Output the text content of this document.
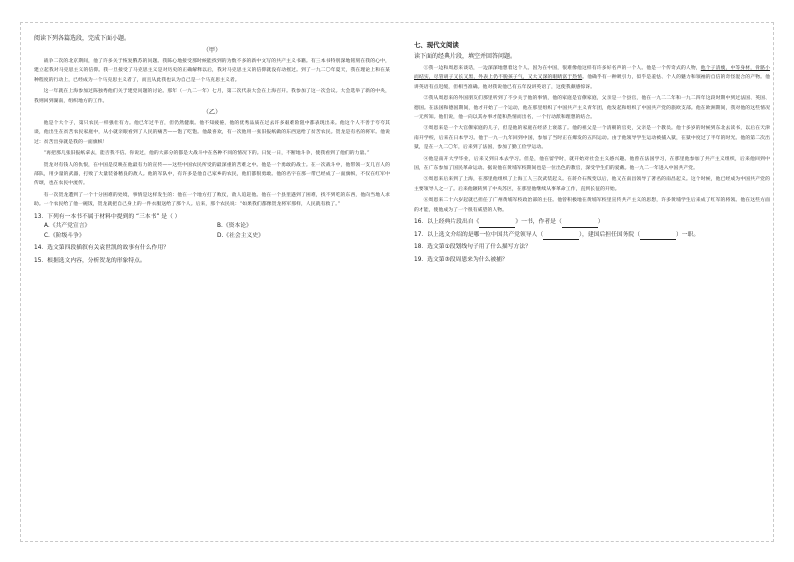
阅读下列各篇选段，完成下面小题。
（甲）

战争二次的北京期间，他了许多关于恢复俄苏的问题。我陈心地接受那时候能找到的为数不多的新中文写的共产主义书籍。有三本书特别深地铭刻在我的心中，建立起我对马克思主义的信仰。我一旦接受了马克思主义是对历史的正确解释以后，我对马克思主义的信仰就没有动摇过。到了一九二〇年夏天，我在理论上和在某种程度的行动上，已经成为一个马克思主义者了，而且从此我也认为自己是一个马克思主义者。

这一年就在上海参加过陈独秀他们关于建党问题的讨论。那年（一九二一年）七月，第二次代表大会在上海召开。我参加了这一次会议。大会选举了新的中央，我则回到湖南，组织地方的工作。

（乙）

他是个大个子，第只农民一样强壮有力。他已年过半百，但仍然健康。他不知疲倦，他的优秀品质在过去许多艰难险阻中都表现出来。他这个人不善于夸夸其谈，他出生在贫苦农民家庭中，从小就亲眼看到了人民的痛苦——饱了吃饱。他最喜欢，有一次他用一张旧报纸做的东西送给了贫苦农民。贺龙是有名的将军。他说过：贫苦出身就是我的一面旗帜！

“再把那几张旧报纸拿去，能否我不信。你说过，他的大部分的都是大战斗中在各种不同的情况下的。日复一日，不断地斗争，使我看到了他们的力量。”

贺龙对有钱人的仇恨，在中国是反映在他最有力的宣传——这些中国农民所受的最深重的苦难之中。他是一个勇敢的战士。在一次战斗中，他带领一支几百人的部队，用少量的武器，打败了大量装备精良的敌人。他的军队中，有许多是他自己家乡的农民，他们都很勇敢。他的名字在那一带已经成了一面旗帜，不仅在红军中传颂，也在农民中流传。

有一次贺龙遭到了一个十分困难的处境，事情是这样发生的：他在一个地方打了败仗，敌人追赶他。他在一个县里遇到了困难，找不到吃的东西，他向当地人求助。一个农民给了他一碗饭，贺龙就把自己身上的一件衣服送给了那个人。后来，那个农民说：“如果我们都像贺龙将军那样，人民就有救了。”

13．下列有一本书不属于材料中提到的 “三本书” 是（ ）
A.《共产党宣言》	B.《资本论》
C.《阶级斗争》	D.《社会主义史》
14．选文第四段插叙有关袁世凯的故事有什么作用？
15．根据选文内容，分析贺龙的形象特点。
七、现代文阅读
读下面的经典片段，填空并回答问题。

①我一边和周恩来谈话，一边深深地想着这个人。因为在中国，很难像他这样有许多好名声的一个人。他是一个传奇式的人物，他个子清瘦，中等身材，骨骼小而结实，尽管胡子又长又黑，外表上仍不脱孩子气，又大又深的眼睛富于热情。他确乎有一种吸引力，似乎是羞怯、个人的魅力和领袖的自信的奇怪混合的产物。他讲英语有点迟缓，但相当准确。他对我说他已有五年没讲英语了，这使我颇感惊讶。

②我从周恩来的外国朋友们那里听到了不少关于他的事情，他的家庭是官僚家庭，父亲是一个县官，他在一九二二年和一九二四年这段时期中到过法国、英国、德国。在法国和德国期间，他才开始了一个运动，他在那里组织了中国共产主义青年团，他发起和组织了中国共产党的旅欧支部。他在欧洲期间，我对他的这些情况一无所知。他们说，他一向以其办事才能和热情而出名，一个行动派和理想的结合。

③周恩来是一个大官僚家庭的儿子，但是他的家庭在经济上衰落了。他的祖父是一个清朝的官吏，父亲是一个教员。他十多岁的时候到东北去读书，以后在天津南开学校，后来在日本学习。他于一九一九年回到中国，参加了当时正在爆发的五四运动。由于他领导学生运动被捕入狱，在狱中度过了半年的时光。他的第二次出狱，是在一九二〇年，后来到了法国，参加了勤工俭学运动。

④他是南开大学毕业，后来又到日本去学习。但是，他在留学时，就开始对社会主义感兴趣。他曾在法国学习，在那里他参加了共产主义组织，后来他回到中国，在广东参加了国民革命运动。据说他在黄埔军校期间也是一位出色的教官，深受学生们的爱戴。他一九二一年进入中国共产党。

⑤周恩来后来到了上海，在那里他组织了上海工人三次武装起义。在蒋介石叛变以后，他又在南昌领导了著名的南昌起义。这个时候，他已经成为中国共产党的主要领导人之一了。后来他辗转到了中央苏区，在那里他继续从事革命工作，直到长征的开始。

⑥周恩来二十六岁起就已担任了广州黄埔军校政治部的主任。他曾积极地在黄埔军校里宣传共产主义的思想，许多黄埔学生后来成了红军的将领。他在这些方面的才能，使他成为了一个很有威望的人物。

16．以上经典片段出自《	》一书，作者是（	）
17．以上选文介绍的是哪一位中国共产党领导人（	），建国后担任国务院（	）一职。
18．选文第①段划线句子用了什么描写方法？
19．选文第③段周恩来为什么被捕？
